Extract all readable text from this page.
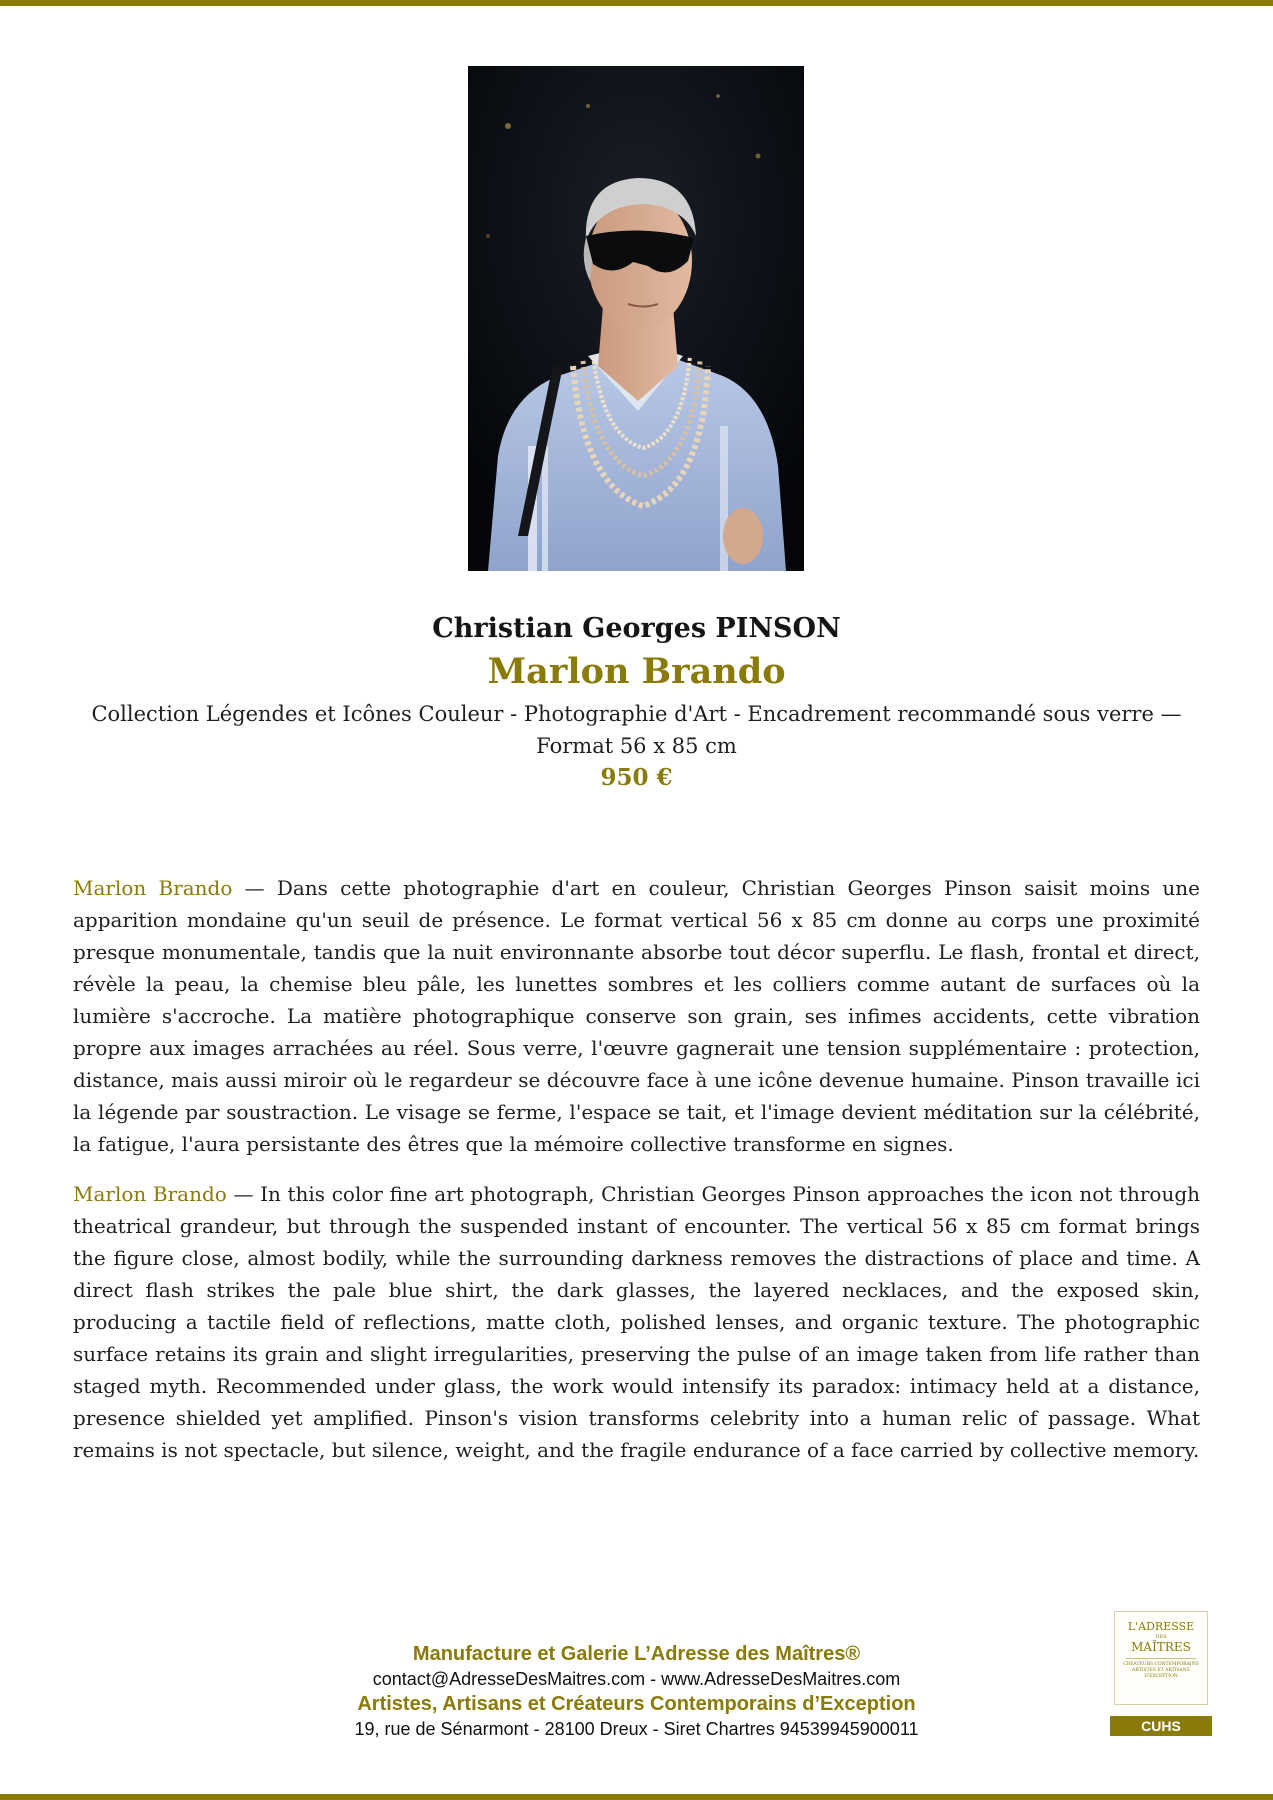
Christian Georges PINSON
Marlon Brando
Collection Légendes et Icônes Couleur - Photographie d'Art - Encadrement recommandé sous verre — Format 56 x 85 cm
950 €

Marlon Brando — Dans cette photographie d'art en couleur, Christian Georges Pinson saisit moins une apparition mondaine qu'un seuil de présence. Le format vertical 56 x 85 cm donne au corps une proximité presque monumentale, tandis que la nuit environnante absorbe tout décor superflu. Le flash, frontal et direct, révèle la peau, la chemise bleu pâle, les lunettes sombres et les colliers comme autant de surfaces où la lumière s'accroche. La matière photographique conserve son grain, ses infimes accidents, cette vibration propre aux images arrachées au réel. Sous verre, l'œuvre gagnerait une tension supplémentaire : protection, distance, mais aussi miroir où le regardeur se découvre face à une icône devenue humaine. Pinson travaille ici la légende par soustraction. Le visage se ferme, l'espace se tait, et l'image devient méditation sur la célébrité, la fatigue, l'aura persistante des êtres que la mémoire collective transforme en signes.

Marlon Brando — In this color fine art photograph, Christian Georges Pinson approaches the icon not through theatrical grandeur, but through the suspended instant of encounter. The vertical 56 x 85 cm format brings the figure close, almost bodily, while the surrounding darkness removes the distractions of place and time. A direct flash strikes the pale blue shirt, the dark glasses, the layered necklaces, and the exposed skin, producing a tactile field of reflections, matte cloth, polished lenses, and organic texture. The photographic surface retains its grain and slight irregularities, preserving the pulse of an image taken from life rather than staged myth. Recommended under glass, the work would intensify its paradox: intimacy held at a distance, presence shielded yet amplified. Pinson's vision transforms celebrity into a human relic of passage. What remains is not spectacle, but silence, weight, and the fragile endurance of a face carried by collective memory.

Manufacture et Galerie L’Adresse des Maîtres®
contact@AdresseDesMaitres.com - www.AdresseDesMaitres.com
Artistes, Artisans et Créateurs Contemporains d’Exception
19, rue de Sénarmont - 28100 Dreux - Siret Chartres 94539945900011
L'ADRESSE
DES
MAÎTRES
CRÉATEURS CONTEMPORAINS ARTISTES ET ARTISANS D'EXCEPTION
CUHS
